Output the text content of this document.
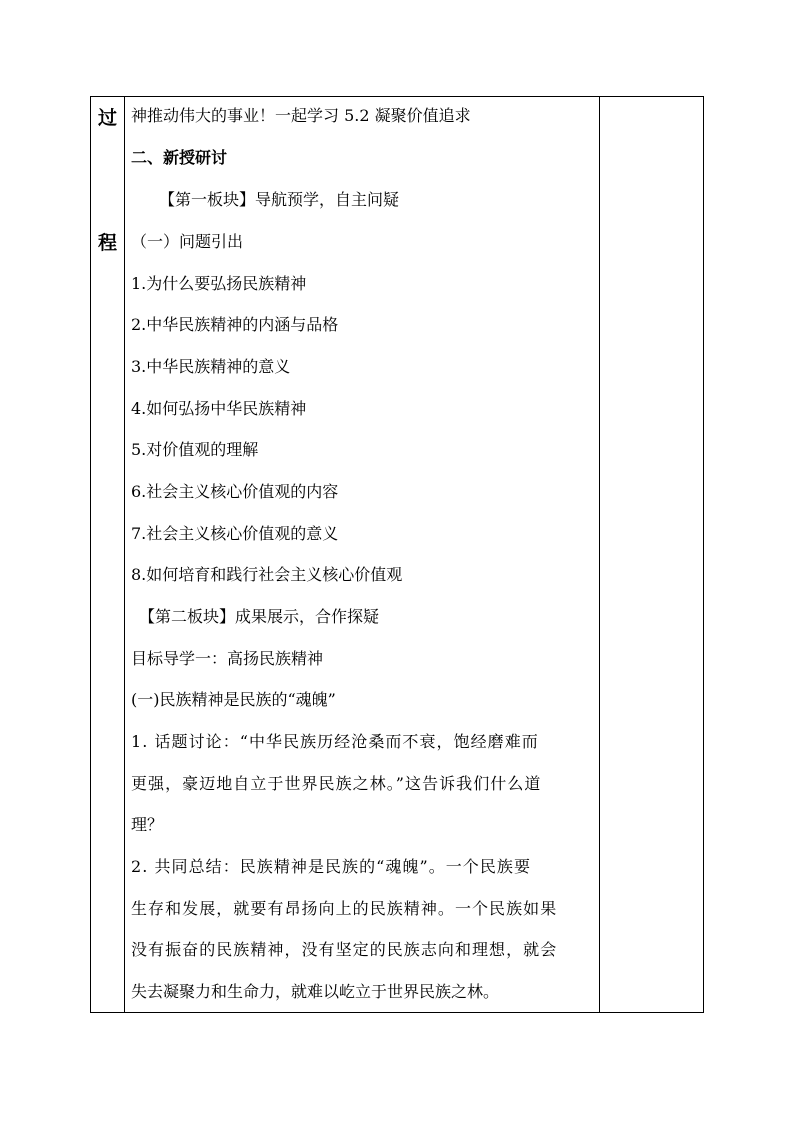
过
程
神推动伟大的事业！一起学习 5.2 凝聚价值追求
二、新授研讨
【第一板块】导航预学，自主问疑
（一）问题引出
1.为什么要弘扬民族精神
2.中华民族精神的内涵与品格
3.中华民族精神的意义
4.如何弘扬中华民族精神
5.对价值观的理解
6.社会主义核心价值观的内容
7.社会主义核心价值观的意义
8.如何培育和践行社会主义核心价值观
【第二板块】成果展示，合作探疑
目标导学一：高扬民族精神
(一)民族精神是民族的“魂魄”
1. 话题讨论：“中华民族历经沧桑而不衰，饱经磨难而
更强，豪迈地自立于世界民族之林。”这告诉我们什么道
理？
2. 共同总结：民族精神是民族的“魂魄”。一个民族要
生存和发展，就要有昂扬向上的民族精神。一个民族如果
没有振奋的民族精神，没有坚定的民族志向和理想，就会
失去凝聚力和生命力，就难以屹立于世界民族之林。
